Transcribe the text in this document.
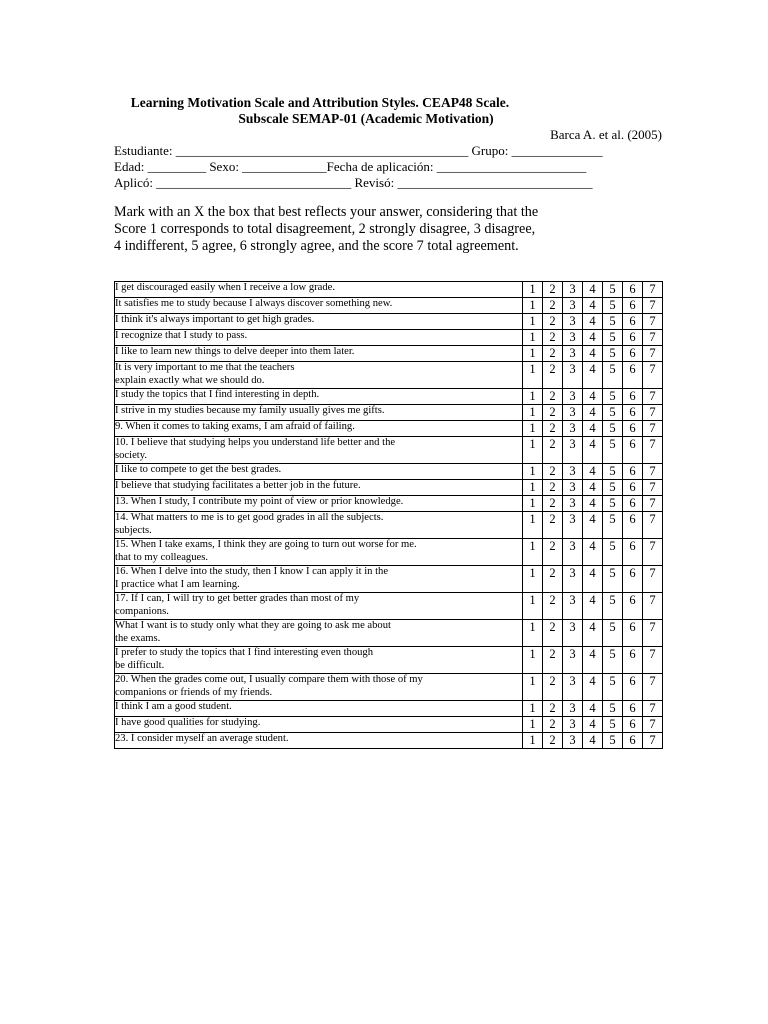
Learning Motivation Scale and Attribution Styles. CEAP48 Scale.
Subscale SEMAP-01 (Academic Motivation)
Barca A. et al. (2005)
Estudiante: _____________________________________________ Grupo: ______________
Edad: _________ Sexo: _____________Fecha de aplicación: _______________________
Aplicó: ______________________________ Revisó: ______________________________
Mark with an X the box that best reflects your answer, considering that the
Score 1 corresponds to total disagreement, 2 strongly disagree, 3 disagree,
4 indifferent, 5 agree, 6 strongly agree, and the score 7 total agreement.
I get discouraged easily when I receive a low grade.	1	2	3	4	5	6	7
It satisfies me to study because I always discover something new.	1	2	3	4	5	6	7
I think it's always important to get high grades.	1	2	3	4	5	6	7
I recognize that I study to pass.	1	2	3	4	5	6	7
I like to learn new things to delve deeper into them later.	1	2	3	4	5	6	7
It is very important to me that the teachers
explain exactly what we should do.	1	2	3	4	5	6	7
I study the topics that I find interesting in depth.	1	2	3	4	5	6	7
I strive in my studies because my family usually gives me gifts.	1	2	3	4	5	6	7
9. When it comes to taking exams, I am afraid of failing.	1	2	3	4	5	6	7
10. I believe that studying helps you understand life better and the
society.	1	2	3	4	5	6	7
I like to compete to get the best grades.	1	2	3	4	5	6	7
I believe that studying facilitates a better job in the future.	1	2	3	4	5	6	7
13. When I study, I contribute my point of view or prior knowledge.	1	2	3	4	5	6	7
14. What matters to me is to get good grades in all the subjects.
subjects.	1	2	3	4	5	6	7
15. When I take exams, I think they are going to turn out worse for me.
that to my colleagues.	1	2	3	4	5	6	7
16. When I delve into the study, then I know I can apply it in the
I practice what I am learning.	1	2	3	4	5	6	7
17. If I can, I will try to get better grades than most of my
companions.	1	2	3	4	5	6	7
What I want is to study only what they are going to ask me about
the exams.	1	2	3	4	5	6	7
I prefer to study the topics that I find interesting even though
be difficult.	1	2	3	4	5	6	7
20. When the grades come out, I usually compare them with those of my
companions or friends of my friends.	1	2	3	4	5	6	7
I think I am a good student.	1	2	3	4	5	6	7
I have good qualities for studying.	1	2	3	4	5	6	7
23. I consider myself an average student.	1	2	3	4	5	6	7
